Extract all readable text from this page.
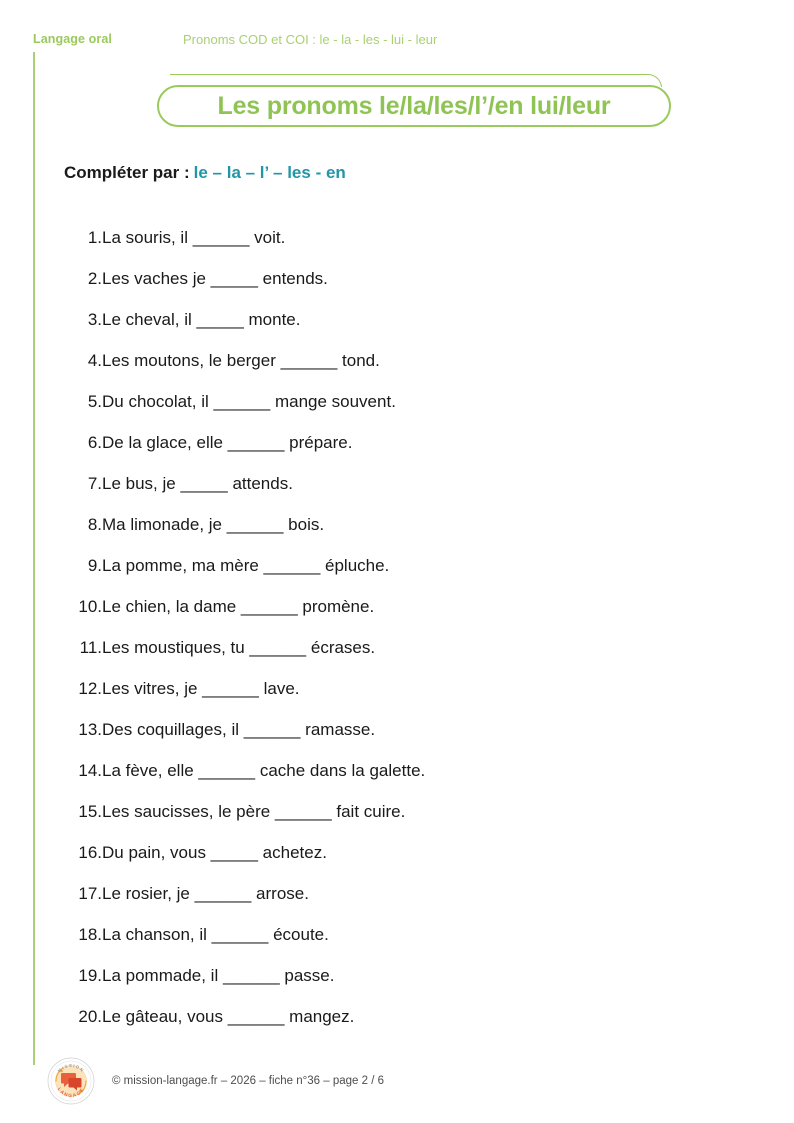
Langage oral	Pronoms COD et COI : le - la - les - lui - leur
Les pronoms le/la/les/l’/en lui/leur
Compléter par : le – la – l’ – les - en
1. La souris, il ______ voit.
2. Les vaches je _____ entends.
3. Le cheval, il _____ monte.
4. Les moutons, le berger ______ tond.
5. Du chocolat, il ______ mange souvent.
6. De la glace, elle ______ prépare.
7. Le bus, je _____ attends.
8. Ma limonade, je ______ bois.
9. La pomme, ma mère ______ épluche.
10. Le chien, la dame ______ promène.
11. Les moustiques, tu ______ écrases.
12. Les vitres, je ______ lave.
13. Des coquillages, il ______ ramasse.
14. La fève, elle ______ cache dans la galette.
15. Les saucisses, le père ______ fait cuire.
16. Du pain, vous _____ achetez.
17. Le rosier, je ______ arrose.
18. La chanson, il ______ écoute.
19. La pommade, il ______ passe.
20. Le gâteau, vous ______ mangez.
MISSION
LANGAGE
© mission-langage.fr – 2026 – fiche n°36 – page 2 / 6
